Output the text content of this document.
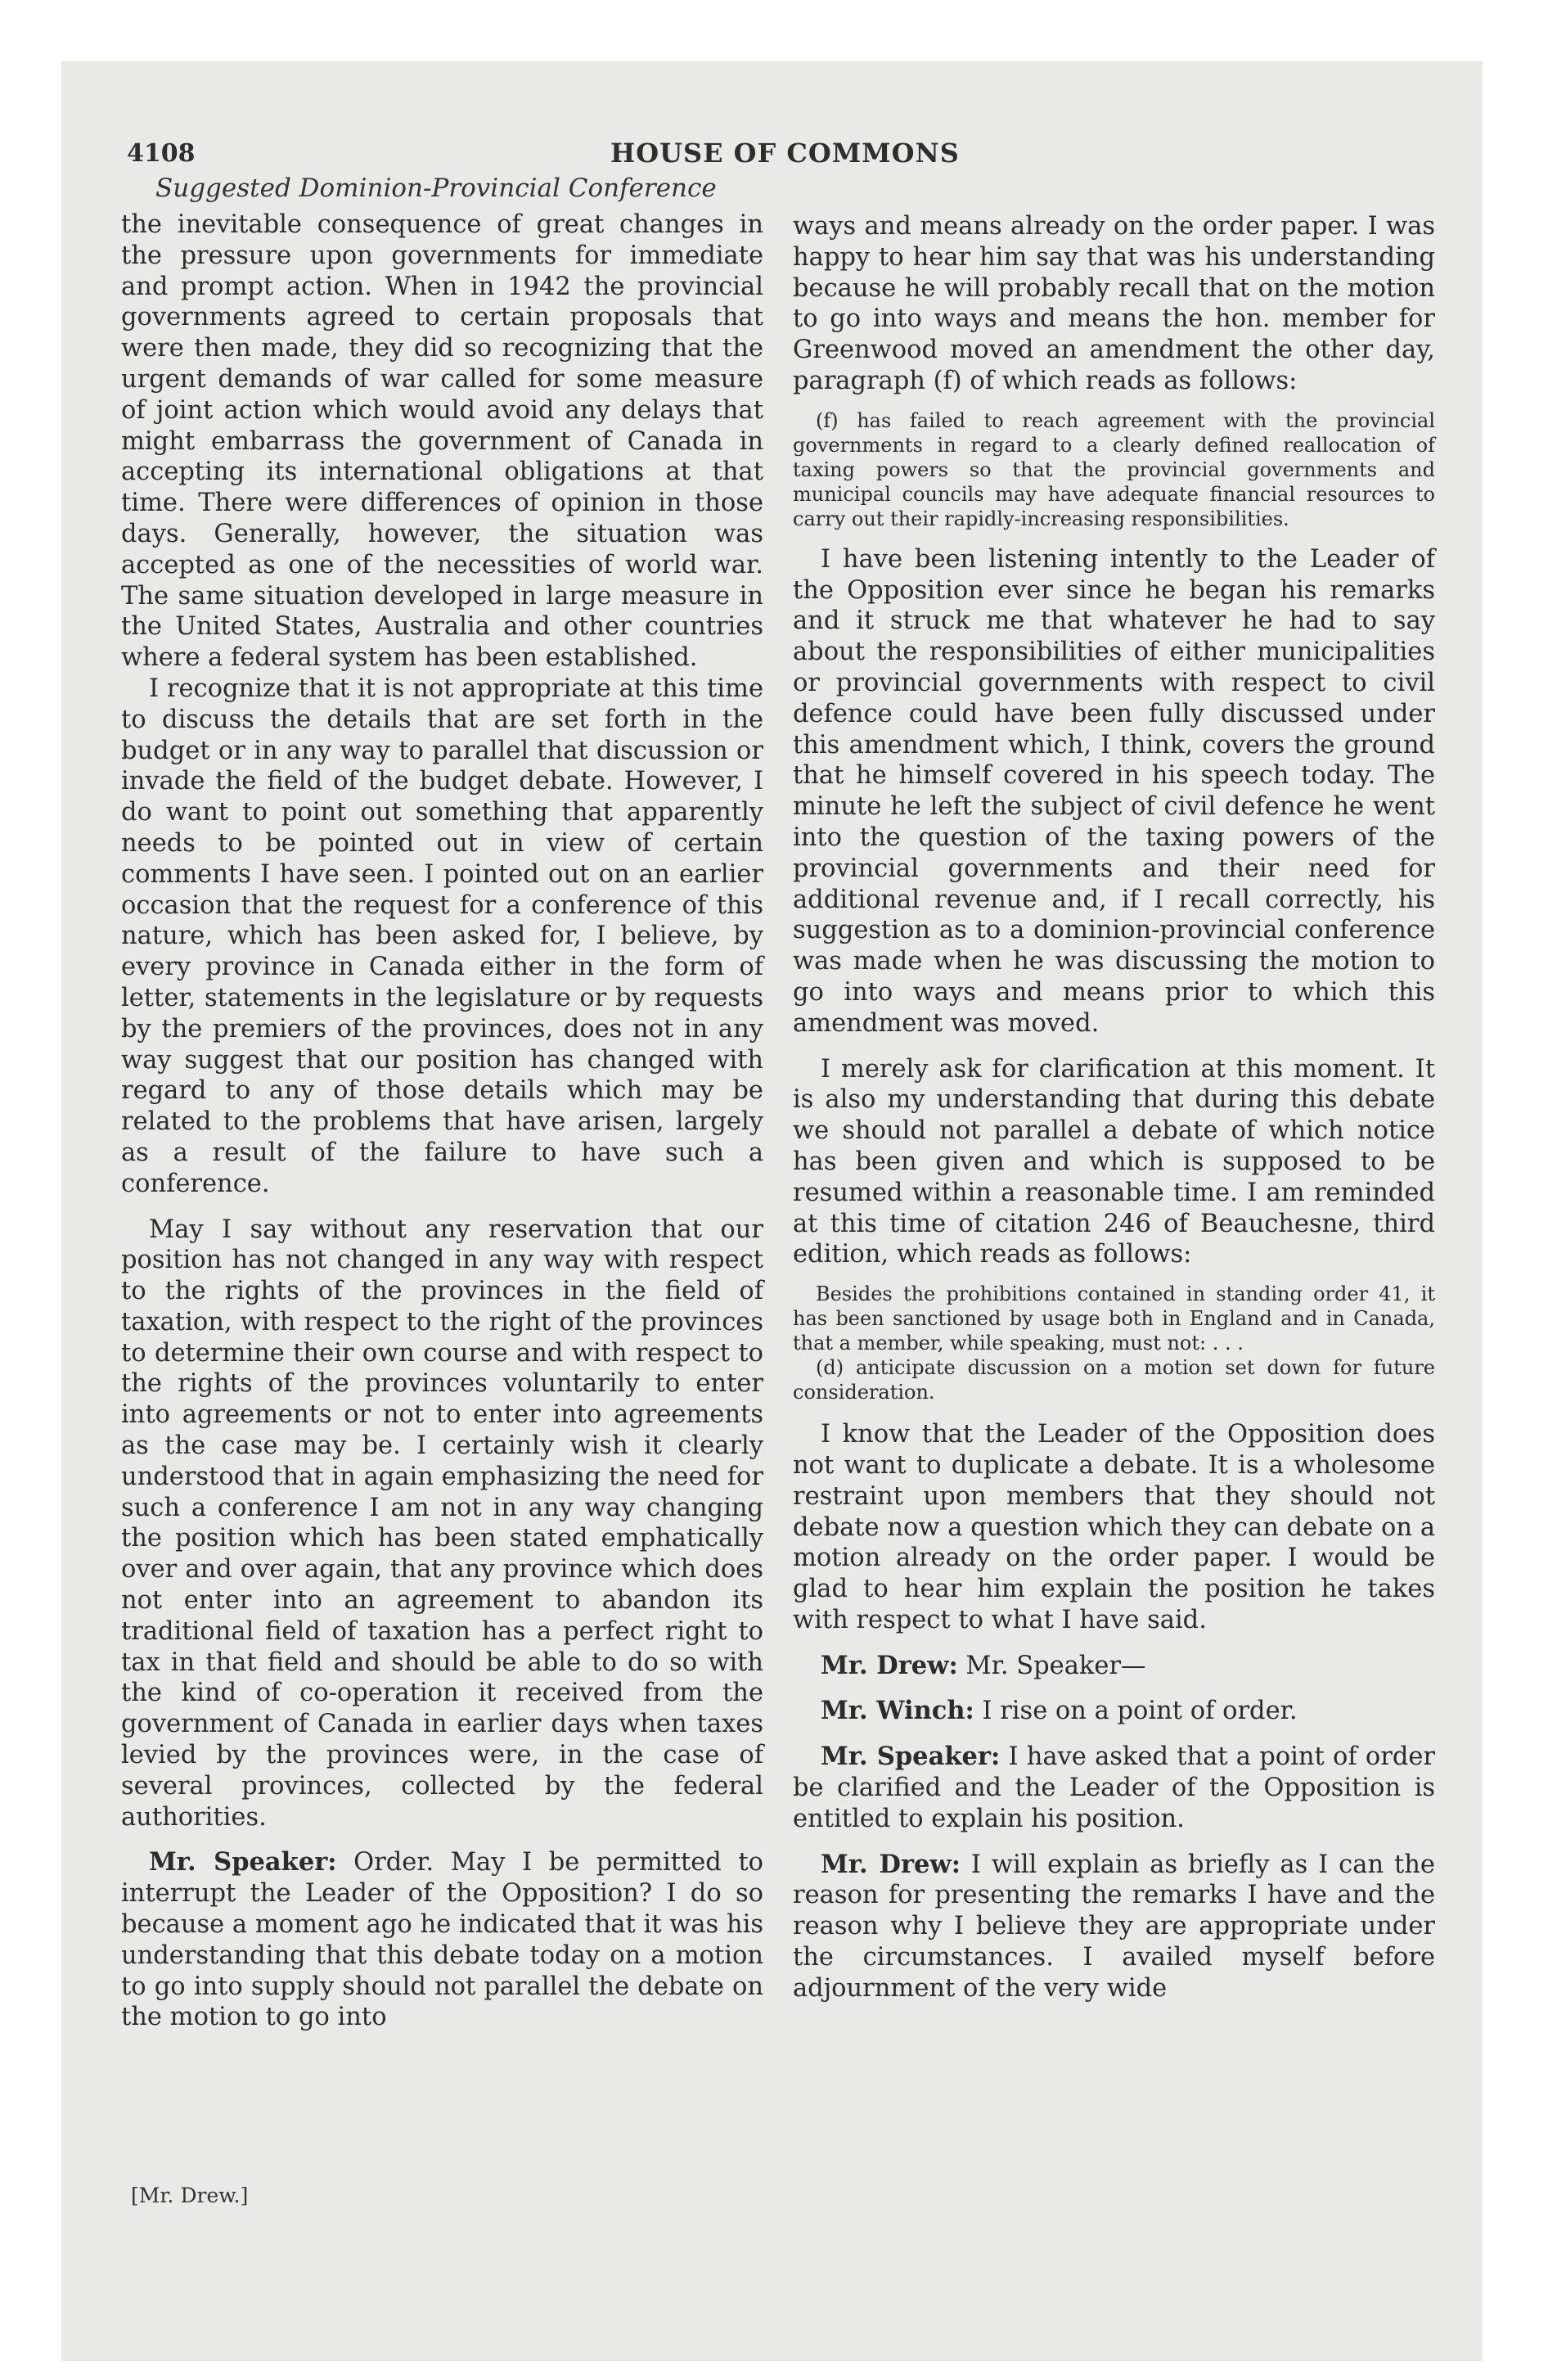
4108	HOUSE OF COMMONS
Suggested Dominion-Provincial Conference

the inevitable consequence of great changes in the pressure upon governments for immediate and prompt action. When in 1942 the provincial governments agreed to certain proposals that were then made, they did so recognizing that the urgent demands of war called for some measure of joint action which would avoid any delays that might embarrass the government of Canada in accepting its international obligations at that time. There were differences of opinion in those days. Generally, however, the situation was accepted as one of the necessities of world war. The same situation developed in large measure in the United States, Australia and other countries where a federal system has been established.

I recognize that it is not appropriate at this time to discuss the details that are set forth in the budget or in any way to parallel that discussion or invade the field of the budget debate. However, I do want to point out something that apparently needs to be pointed out in view of certain comments I have seen. I pointed out on an earlier occasion that the request for a conference of this nature, which has been asked for, I believe, by every province in Canada either in the form of letter, statements in the legislature or by requests by the premiers of the provinces, does not in any way suggest that our position has changed with regard to any of those details which may be related to the problems that have arisen, largely as a result of the failure to have such a conference.

May I say without any reservation that our position has not changed in any way with respect to the rights of the provinces in the field of taxation, with respect to the right of the provinces to determine their own course and with respect to the rights of the provinces voluntarily to enter into agreements or not to enter into agreements as the case may be. I certainly wish it clearly understood that in again emphasizing the need for such a conference I am not in any way changing the position which has been stated emphatically over and over again, that any province which does not enter into an agreement to abandon its traditional field of taxation has a perfect right to tax in that field and should be able to do so with the kind of co-operation it received from the government of Canada in earlier days when taxes levied by the provinces were, in the case of several provinces, collected by the federal authorities.

Mr. Speaker: Order. May I be permitted to interrupt the Leader of the Opposition? I do so because a moment ago he indicated that it was his understanding that this debate today on a motion to go into supply should not parallel the debate on the motion to go into

[Mr. Drew.]

ways and means already on the order paper. I was happy to hear him say that was his understanding because he will probably recall that on the motion to go into ways and means the hon. member for Greenwood moved an amendment the other day, paragraph (f) of which reads as follows:

(f) has failed to reach agreement with the provincial governments in regard to a clearly defined reallocation of taxing powers so that the provincial governments and municipal councils may have adequate financial resources to carry out their rapidly-increasing responsibilities.

I have been listening intently to the Leader of the Opposition ever since he began his remarks and it struck me that whatever he had to say about the responsibilities of either municipalities or provincial governments with respect to civil defence could have been fully discussed under this amendment which, I think, covers the ground that he himself covered in his speech today. The minute he left the subject of civil defence he went into the question of the taxing powers of the provincial governments and their need for additional revenue and, if I recall correctly, his suggestion as to a dominion-provincial conference was made when he was discussing the motion to go into ways and means prior to which this amendment was moved.

I merely ask for clarification at this moment. It is also my understanding that during this debate we should not parallel a debate of which notice has been given and which is supposed to be resumed within a reasonable time. I am reminded at this time of citation 246 of Beauchesne, third edition, which reads as follows:

Besides the prohibitions contained in standing order 41, it has been sanctioned by usage both in England and in Canada, that a member, while speaking, must not: . . .

(d) anticipate discussion on a motion set down for future consideration.

I know that the Leader of the Opposition does not want to duplicate a debate. It is a wholesome restraint upon members that they should not debate now a question which they can debate on a motion already on the order paper. I would be glad to hear him explain the position he takes with respect to what I have said.

Mr. Drew: Mr. Speaker—

Mr. Winch: I rise on a point of order.

Mr. Speaker: I have asked that a point of order be clarified and the Leader of the Opposition is entitled to explain his position.

Mr. Drew: I will explain as briefly as I can the reason for presenting the remarks I have and the reason why I believe they are appropriate under the circumstances. I availed myself before adjournment of the very wide
